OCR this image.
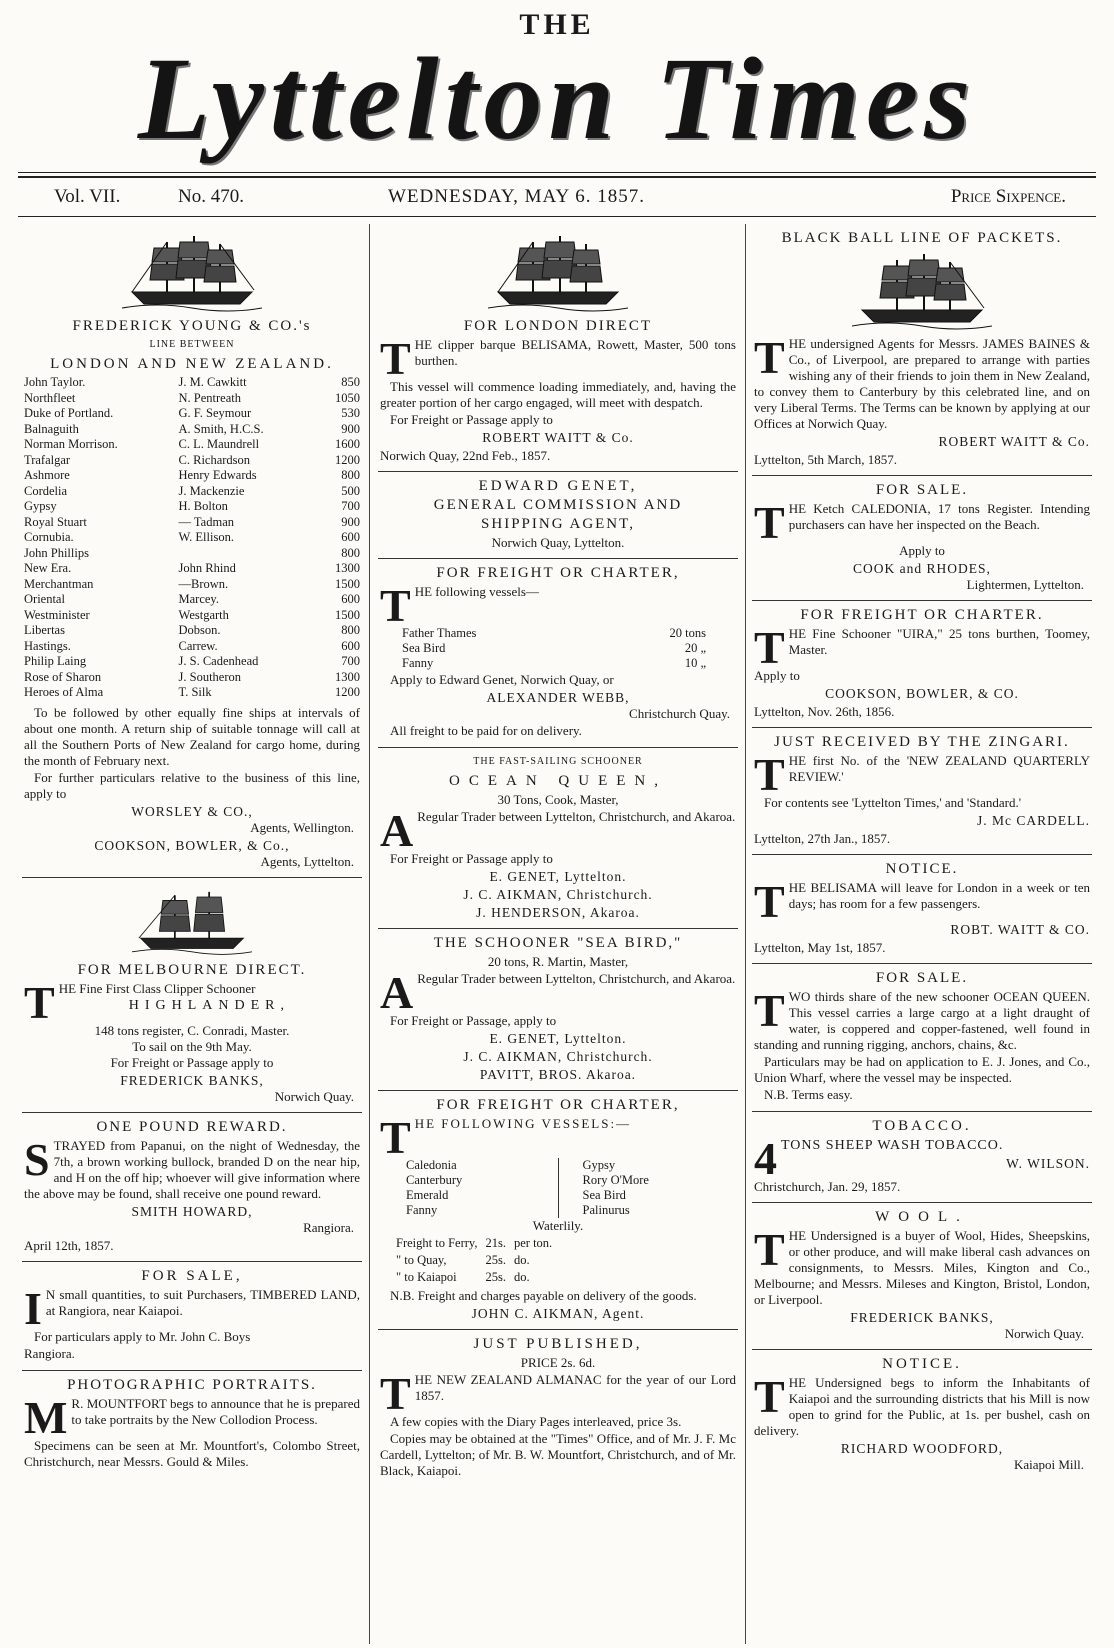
THE
Lyttelton Times
Vol. VII.	No. 470.	WEDNESDAY, MAY 6. 1857.	Price Sixpence.
FREDERICK YOUNG & CO.'s
LINE BETWEEN
LONDON AND NEW ZEALAND.
John Taylor.	J. M. Cawkitt	850
Northfleet	N. Pentreath	1050
Duke of Portland.	G. F. Seymour	530
Balnaguith	A. Smith, H.C.S.	900
Norman Morrison.	C. L. Maundrell	1600
Trafalgar	C. Richardson	1200
Ashmore	Henry Edwards	800
Cordelia	J. Mackenzie	500
Gypsy	H. Bolton	700
Royal Stuart	— Tadman	900
Cornubia.	W. Ellison.	600
John Phillips		800
New Era.	John Rhind	1300
Merchantman	—Brown.	1500
Oriental	Marcey.	600
Westminister	Westgarth	1500
Libertas	Dobson.	800
Hastings.	Carrew.	600
Philip Laing	J. S. Cadenhead	700
Rose of Sharon	J. Southeron	1300
Heroes of Alma	T. Silk	1200

To be followed by other equally fine ships at intervals of about one month. A return ship of suitable tonnage will call at all the Southern Ports of New Zealand for cargo home, during the month of February next.

For further particulars relative to the business of this line, apply to

WORSLEY & CO.,
Agents, Wellington.
COOKSON, BOWLER, & Co.,
Agents, Lyttelton.
FOR MELBOURNE DIRECT.

THE Fine First Class Clipper Schooner

HIGHLANDER,
148 tons register, C. Conradi, Master.
To sail on the 9th May.
For Freight or Passage apply to
FREDERICK BANKS,
Norwich Quay.
ONE POUND REWARD.

STRAYED from Papanui, on the night of Wednesday, the 7th, a brown working bullock, branded D on the near hip, and H on the off hip; whoever will give information where the above may be found, shall receive one pound reward.

SMITH HOWARD,
Rangiora.
April 12th, 1857.
FOR SALE,

I N small quantities, to suit Purchasers, TIMBERED LAND, at Rangiora, near Kaiapoi.

For particulars apply to Mr. John C. Boys

Rangiora.

PHOTOGRAPHIC PORTRAITS.

M R. MOUNTFORT begs to announce that he is prepared to take portraits by the New Collodion Process.

Specimens can be seen at Mr. Mountfort's, Colombo Street, Christchurch, near Messrs. Gould & Miles.

FOR LONDON DIRECT

THE clipper barque BELISAMA, Rowett, Master, 500 tons burthen.

This vessel will commence loading immediately, and, having the greater portion of her cargo engaged, will meet with despatch.

For Freight or Passage apply to

ROBERT WAITT & Co.
Norwich Quay, 22nd Feb., 1857.
EDWARD GENET,
GENERAL COMMISSION AND
SHIPPING AGENT,
Norwich Quay, Lyttelton.
FOR FREIGHT OR CHARTER,

THE following vessels—

Father Thames	20 tons
Sea Bird	20 „
Fanny	10 „

Apply to Edward Genet, Norwich Quay, or

ALEXANDER WEBB,
Christchurch Quay.

All freight to be paid for on delivery.

THE FAST-SAILING SCHOONER
OCEAN QUEEN,
30 Tons, Cook, Master,

A Regular Trader between Lyttelton, Christchurch, and Akaroa.

For Freight or Passage apply to

E. GENET, Lyttelton.
J. C. AIKMAN, Christchurch.
J. HENDERSON, Akaroa.
THE SCHOONER "SEA BIRD,"
20 tons, R. Martin, Master,

A Regular Trader between Lyttelton, Christchurch, and Akaroa.

For Freight or Passage, apply to

E. GENET, Lyttelton.
J. C. AIKMAN, Christchurch.
PAVITT, BROS. Akaroa.
FOR FREIGHT OR CHARTER,

THE FOLLOWING VESSELS:—

Caledonia	Gypsy
Canterbury	Rory O'More
Emerald	Sea Bird
Fanny	Palinurus
Waterlily.
Freight to Ferry,	21s.	per ton.
" to Quay,	25s.	do.
" to Kaiapoi	25s.	do.

N.B. Freight and charges payable on delivery of the goods.

JOHN C. AIKMAN, Agent.
JUST PUBLISHED,
PRICE 2s. 6d.

THE NEW ZEALAND ALMANAC for the year of our Lord 1857.

A few copies with the Diary Pages interleaved, price 3s.

Copies may be obtained at the "Times" Office, and of Mr. J. F. Mc Cardell, Lyttelton; of Mr. B. W. Mountfort, Christchurch, and of Mr. Black, Kaiapoi.

BLACK BALL LINE OF PACKETS.

THE undersigned Agents for Messrs. JAMES BAINES & Co., of Liverpool, are prepared to arrange with parties wishing any of their friends to join them in New Zealand, to convey them to Canterbury by this celebrated line, and on very Liberal Terms. The Terms can be known by applying at our Offices at Norwich Quay.

ROBERT WAITT & Co.
Lyttelton, 5th March, 1857.
FOR SALE.

THE Ketch CALEDONIA, 17 tons Register. Intending purchasers can have her inspected on the Beach.

Apply to
COOK and RHODES,
Lightermen, Lyttelton.
FOR FREIGHT OR CHARTER.

THE Fine Schooner "UIRA," 25 tons burthen, Toomey, Master.

Apply to
COOKSON, BOWLER, & CO.
Lyttelton, Nov. 26th, 1856.
JUST RECEIVED BY THE ZINGARI.

THE first No. of the 'NEW ZEALAND QUARTERLY REVIEW.'

For contents see 'Lyttelton Times,' and 'Standard.'

J. Mc CARDELL.
Lyttelton, 27th Jan., 1857.
NOTICE.

THE BELISAMA will leave for London in a week or ten days; has room for a few passengers.

ROBT. WAITT & CO.
Lyttelton, May 1st, 1857.
FOR SALE.

TWO thirds share of the new schooner OCEAN QUEEN. This vessel carries a large cargo at a light draught of water, is coppered and copper-fastened, well found in standing and running rigging, anchors, chains, &c.

Particulars may be had on application to E. J. Jones, and Co., Union Wharf, where the vessel may be inspected.

N.B. Terms easy.

TOBACCO.

4 TONS SHEEP WASH TOBACCO.

W. WILSON.
Christchurch, Jan. 29, 1857.
WOOL.

THE Undersigned is a buyer of Wool, Hides, Sheepskins, or other produce, and will make liberal cash advances on consignments, to Messrs. Miles, Kington and Co., Melbourne; and Messrs. Mileses and Kington, Bristol, London, or Liverpool.

FREDERICK BANKS,
Norwich Quay.
NOTICE.

THE Undersigned begs to inform the Inhabitants of Kaiapoi and the surrounding districts that his Mill is now open to grind for the Public, at 1s. per bushel, cash on delivery.

RICHARD WOODFORD,
Kaiapoi Mill.
